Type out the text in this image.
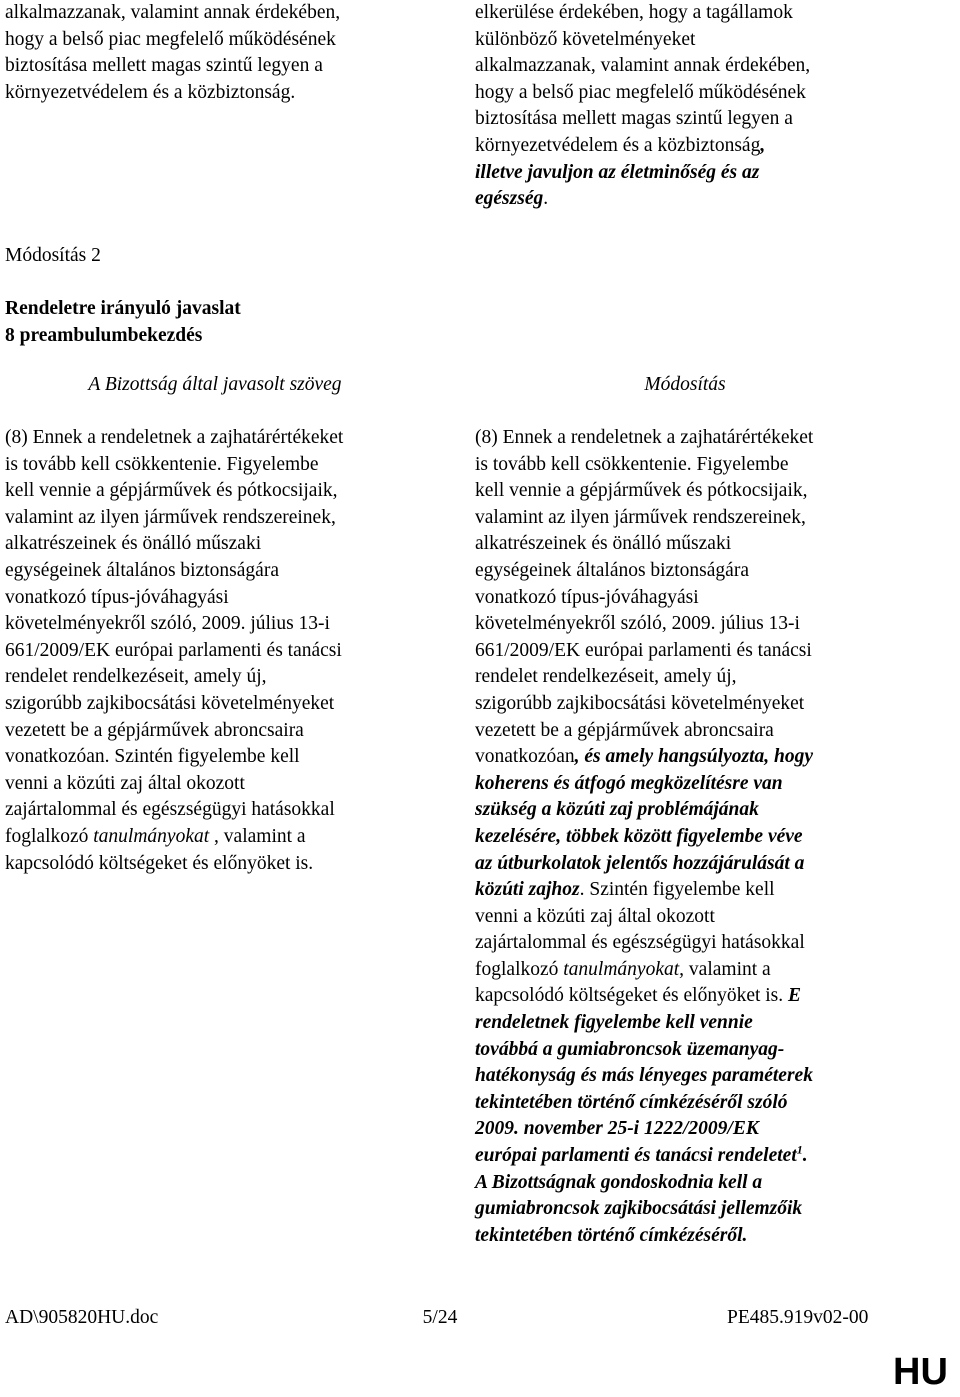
alkalmazzanak, valamint annak érdekében,
hogy a belső piac megfelelő működésének
biztosítása mellett magas szintű legyen a
környezetvédelem és a közbiztonság.
elkerülése érdekében, hogy a tagállamok
különböző követelményeket
alkalmazzanak, valamint annak érdekében,
hogy a belső piac megfelelő működésének
biztosítása mellett magas szintű legyen a
környezetvédelem és a közbiztonság,
illetve javuljon az életminőség és az
egészség.
Módosítás 2
Rendeletre irányuló javaslat
8 preambulumbekezdés
A Bizottság által javasolt szöveg	Módosítás
(8) Ennek a rendeletnek a zajhatárértékeket
is tovább kell csökkentenie. Figyelembe
kell vennie a gépjárművek és pótkocsijaik,
valamint az ilyen járművek rendszereinek,
alkatrészeinek és önálló műszaki
egységeinek általános biztonságára
vonatkozó típus-jóváhagyási
követelményekről szóló, 2009. július 13-i
661/2009/EK európai parlamenti és tanácsi
rendelet rendelkezéseit, amely új,
szigorúbb zajkibocsátási követelményeket
vezetett be a gépjárművek abroncsaira
vonatkozóan. Szintén figyelembe kell
venni a közúti zaj által okozott
zajártalommal és egészségügyi hatásokkal
foglalkozó tanulmányokat , valamint a
kapcsolódó költségeket és előnyöket is.
(8) Ennek a rendeletnek a zajhatárértékeket
is tovább kell csökkentenie. Figyelembe
kell vennie a gépjárművek és pótkocsijaik,
valamint az ilyen járművek rendszereinek,
alkatrészeinek és önálló műszaki
egységeinek általános biztonságára
vonatkozó típus-jóváhagyási
követelményekről szóló, 2009. július 13-i
661/2009/EK európai parlamenti és tanácsi
rendelet rendelkezéseit, amely új,
szigorúbb zajkibocsátási követelményeket
vezetett be a gépjárművek abroncsaira
vonatkozóan, és amely hangsúlyozta, hogy
koherens és átfogó megközelítésre van
szükség a közúti zaj problémájának
kezelésére, többek között figyelembe véve
az útburkolatok jelentős hozzájárulását a
közúti zajhoz. Szintén figyelembe kell
venni a közúti zaj által okozott
zajártalommal és egészségügyi hatásokkal
foglalkozó tanulmányokat, valamint a
kapcsolódó költségeket és előnyöket is. E
rendeletnek figyelembe kell vennie
továbbá a gumiabroncsok üzemanyag-
hatékonyság és más lényeges paraméterek
tekintetében történő címkézéséről szóló
2009. november 25-i 1222/2009/EK
európai parlamenti és tanácsi rendeletet$^1$.
A Bizottságnak gondoskodnia kell a
gumiabroncsok zajkibocsátási jellemzőik
tekintetében történő címkézéséről.
AD\905820HU.doc	5/24	PE485.919v02-00
HU
